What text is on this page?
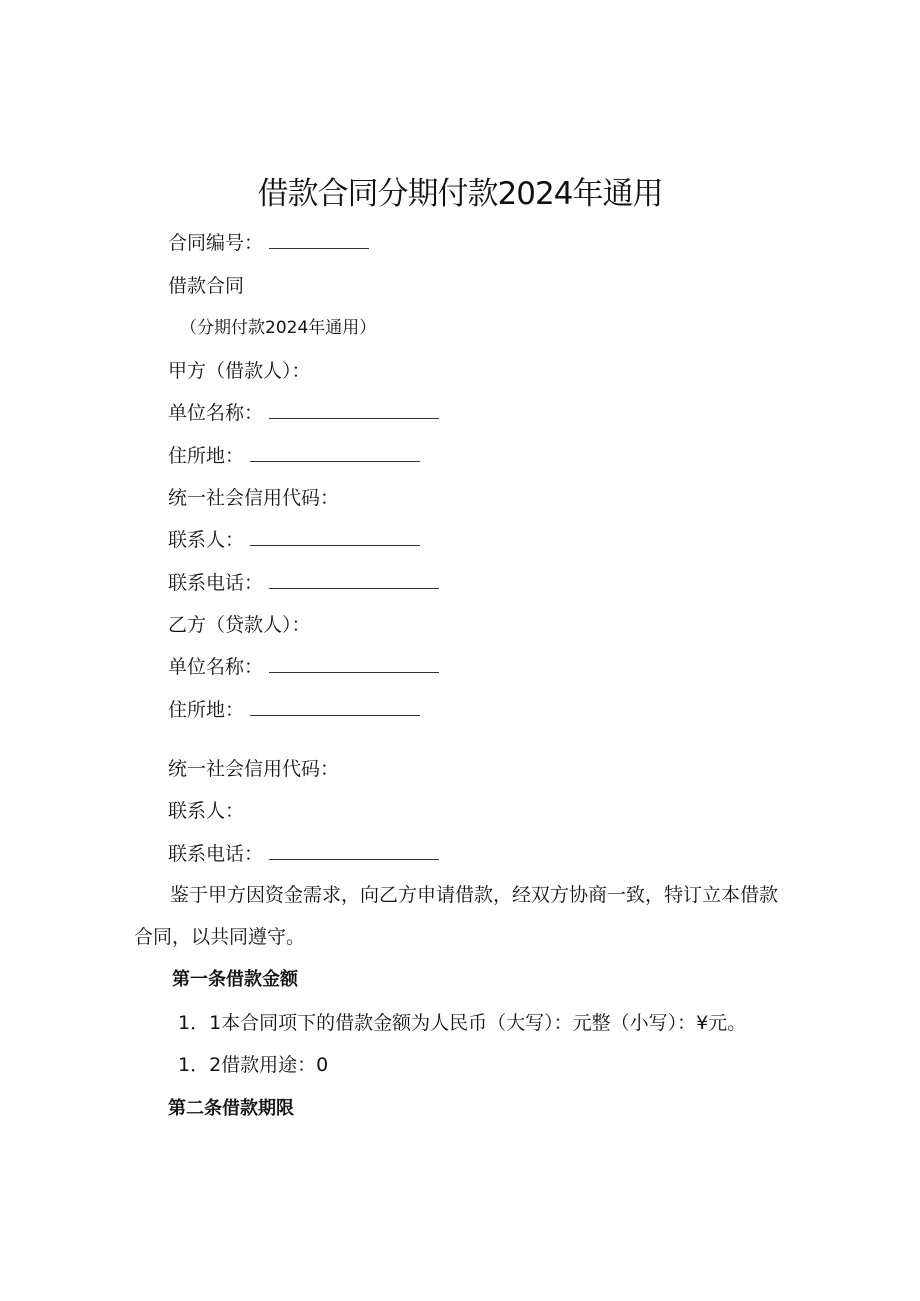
借款合同分期付款2024年通用
合同编号：
借款合同
（分期付款2024年通用）
甲方（借款人）：
单位名称：
住所地：
统一社会信用代码：
联系人：
联系电话：
乙方（贷款人）：
单位名称：
住所地：
统一社会信用代码：
联系人：
联系电话：
鉴于甲方因资金需求，向乙方申请借款，经双方协商一致，特订立本借款合同，以共同遵守。
第一条借款金额
1．1本合同项下的借款金额为人民币（大写）：元整（小写）：¥元。
1．2借款用途：0
第二条借款期限
